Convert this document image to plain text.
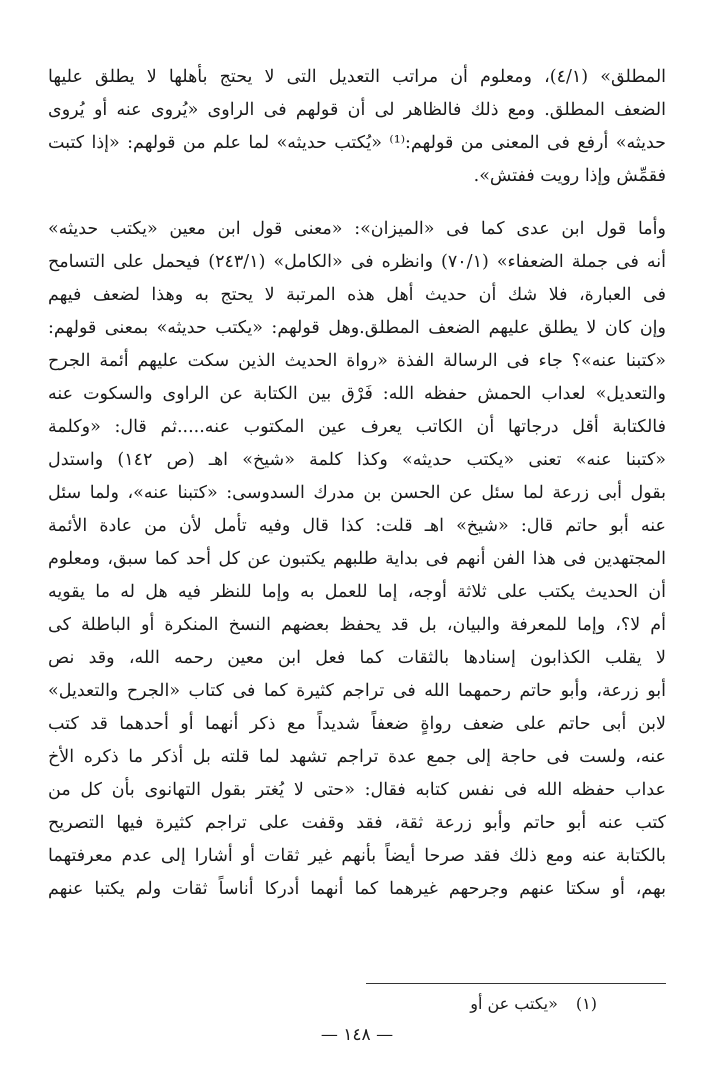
المطلق» (٤/١)، ومعلوم أن مراتب التعديل التى لا يحتج بأهلها لا يطلق عليها
الضعف المطلق. ومع ذلك فالظاهر لى أن قولهم فى الراوى «يُروى عنه أو يُروى
حديثه» أرفع فى المعنى من قولهم:⁽¹⁾ «يُكتب حديثه» لما علم من قولهم: «إذا كتبت
فقمِّش وإذا رويت ففتش».
وأما قول ابن عدى كما فى «الميزان»: «معنى قول ابن معين «يكتب حديثه»
أنه فى جملة الضعفاء» (٧٠/١) وانظره فى «الكامل» (٢٤٣/١) فيحمل على التسامح
فى العبارة، فلا شك أن حديث أهل هذه المرتبة لا يحتج به وهذا لضعف فيهم
وإن كان لا يطلق عليهم الضعف المطلق.وهل قولهم: «يكتب حديثه» بمعنى قولهم:
«كتبنا عنه»؟ جاء فى الرسالة الفذة «رواة الحديث الذين سكت عليهم أئمة الجرح
والتعديل» لعداب الحمش حفظه الله: فَرْق بين الكتابة عن الراوى والسكوت عنه
فالكتابة أقل درجاتها أن الكاتب يعرف عين المكتوب عنه.....ثم قال: «وكلمة
«كتبنا عنه» تعنى «يكتب حديثه» وكذا كلمة «شيخ» اهـ (ص ١٤٢) واستدل
بقول أبى زرعة لما سئل عن الحسن بن مدرك السدوسى: «كتبنا عنه»، ولما سئل
عنه أبو حاتم قال: «شيخ» اهـ قلت: كذا قال وفيه تأمل لأن من عادة الأئمة
المجتهدين فى هذا الفن أنهم فى بداية طلبهم يكتبون عن كل أحد كما سبق، ومعلوم
أن الحديث يكتب على ثلاثة أوجه، إما للعمل به وإما للنظر فيه هل له ما يقويه
أم لا؟، وإما للمعرفة والبيان، بل قد يحفظ بعضهم النسخ المنكرة أو الباطلة كى
لا يقلب الكذابون إسنادها بالثقات كما فعل ابن معين رحمه الله، وقد نص
أبو زرعة، وأبو حاتم رحمهما الله فى تراجم كثيرة كما فى كتاب «الجرح والتعديل»
لابن أبى حاتم على ضعف رواةٍ ضعفاً شديداً مع ذكر أنهما أو أحدهما قد كتب
عنه، ولست فى حاجة إلى جمع عدة تراجم تشهد لما قلته بل أذكر ما ذكره الأخ
عداب حفظه الله فى نفس كتابه فقال: «حتى لا يُغتر بقول التهانوى بأن كل من
كتب عنه أبو حاتم وأبو زرعة ثقة، فقد وقفت على تراجم كثيرة فيها التصريح
بالكتابة عنه ومع ذلك فقد صرحا أيضاً بأنهم غير ثقات أو أشارا إلى عدم معرفتهما
بهم، أو سكتا عنهم وجرحهم غيرهما كما أنهما أدركا أناساً ثقات ولم يكتبا عنهم
(١)«يكتب عن أو
— ١٤٨ —
